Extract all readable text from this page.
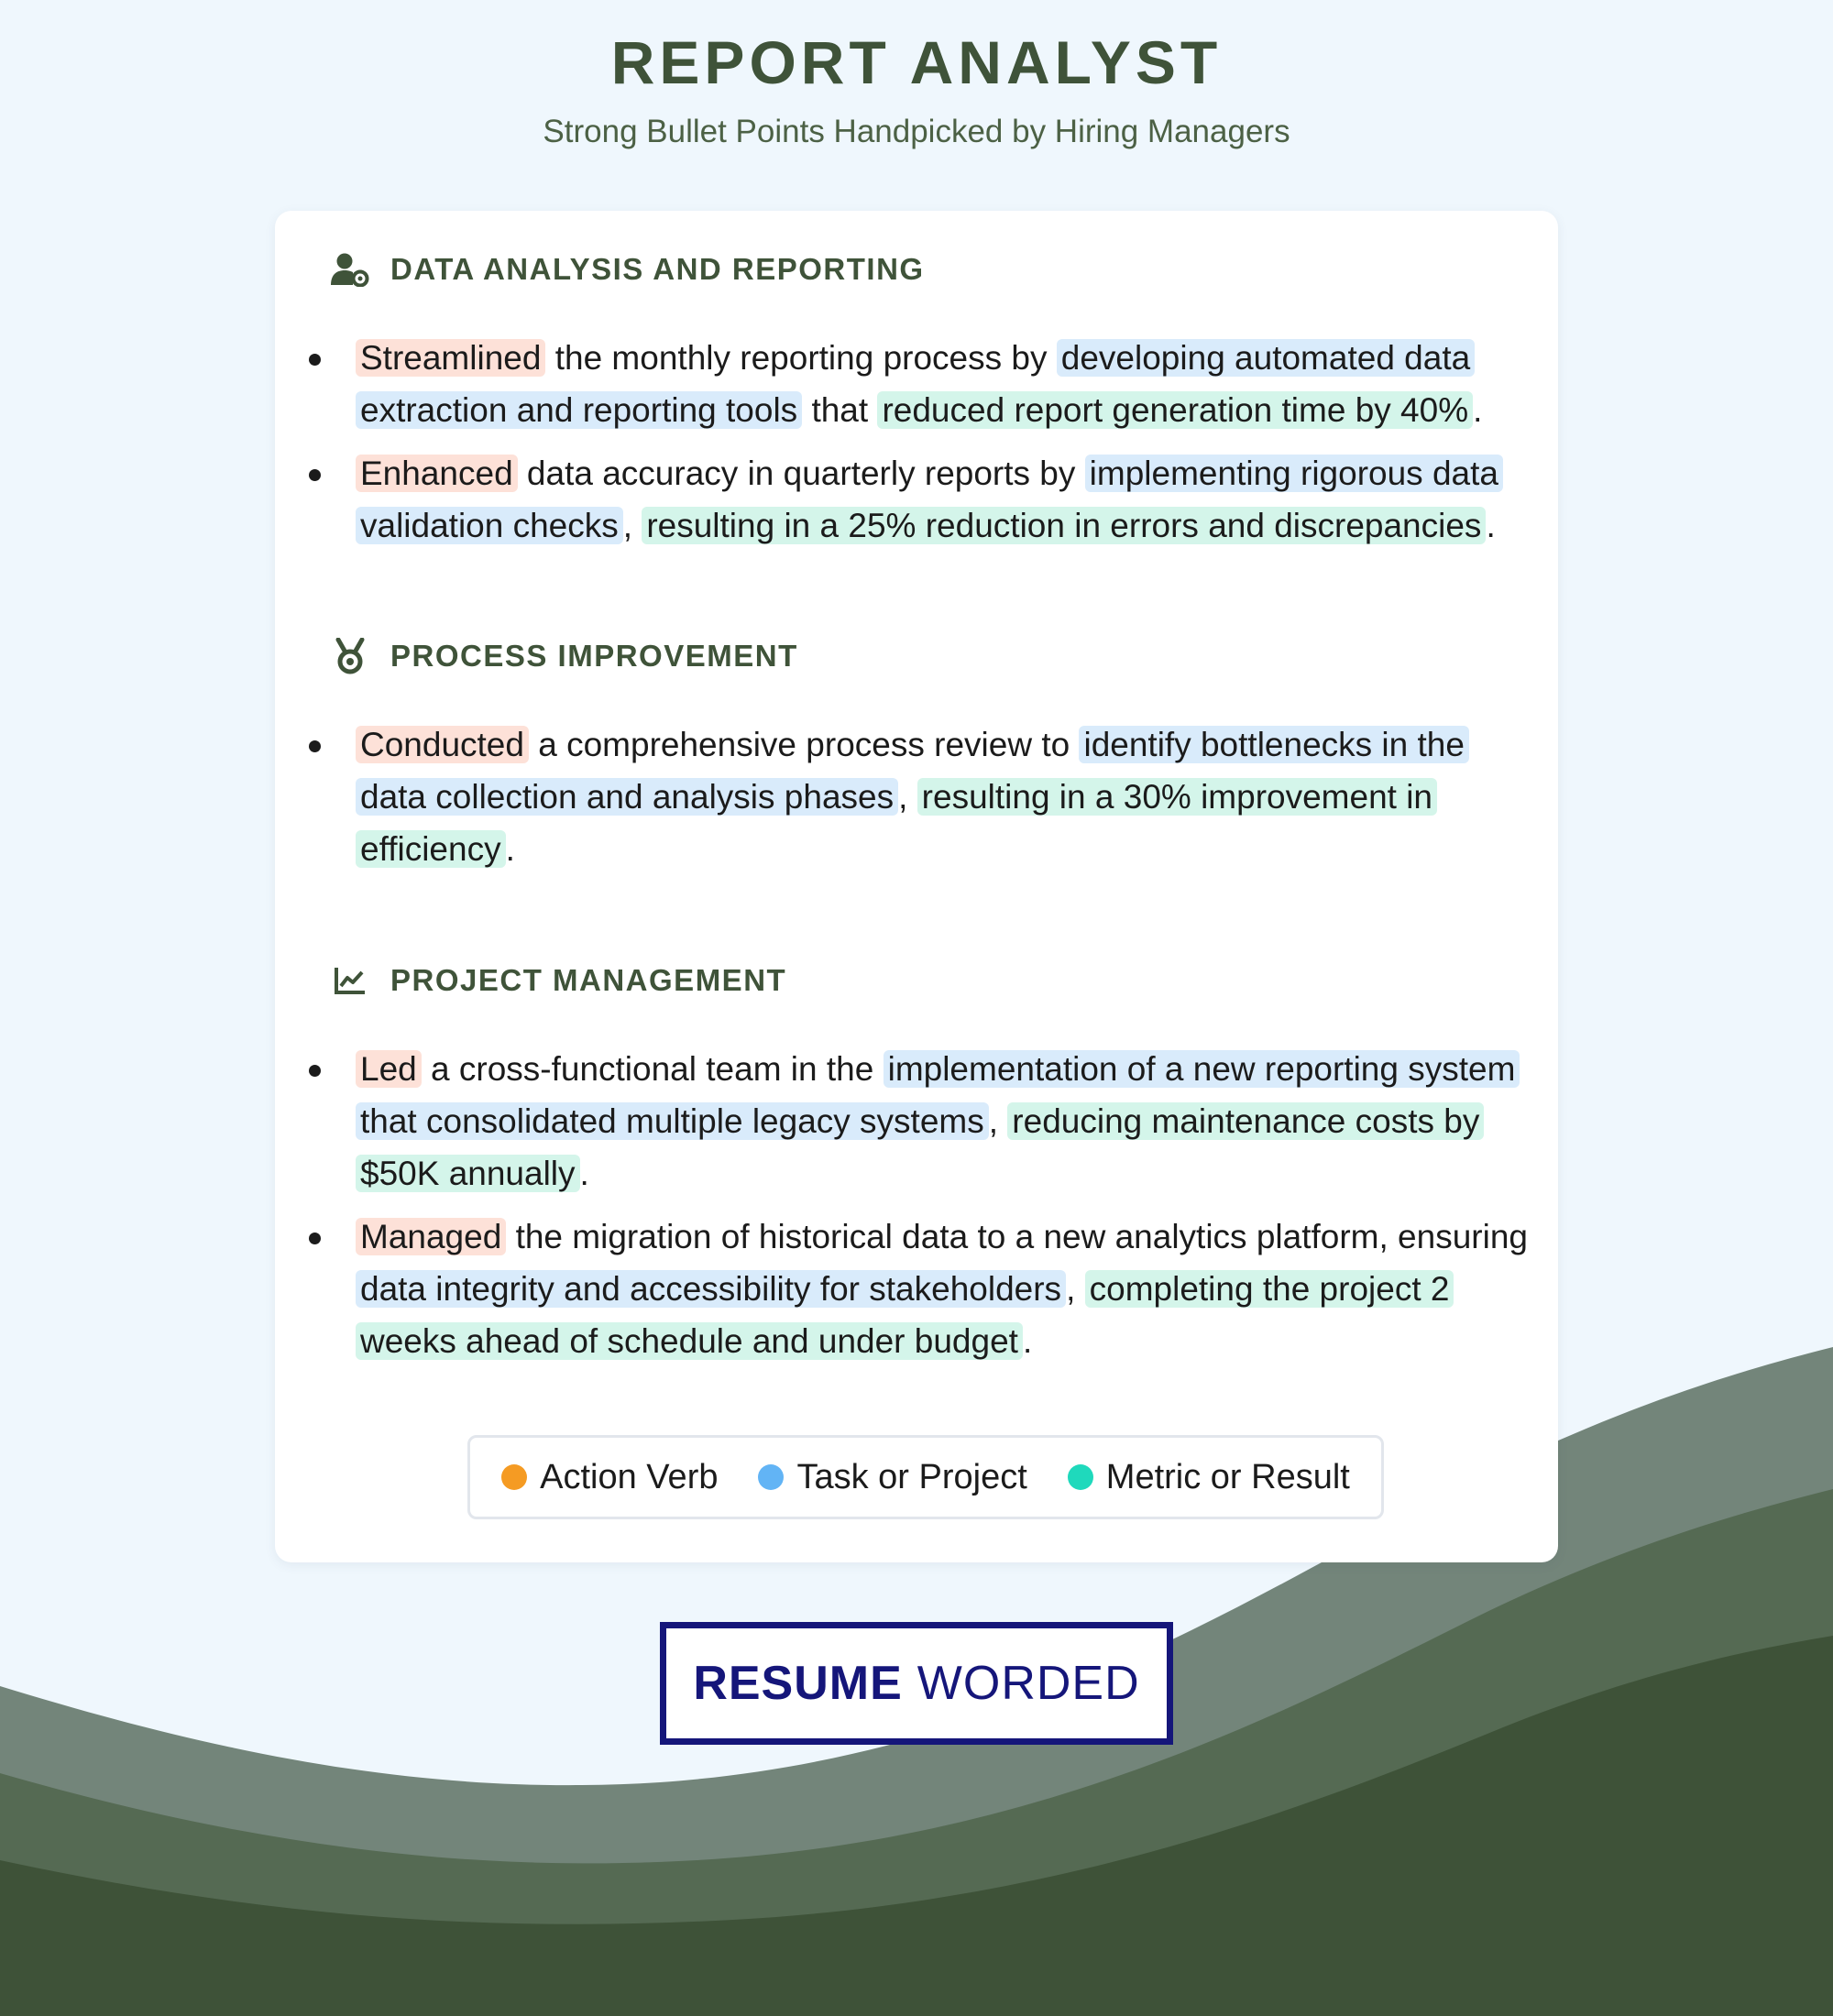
REPORT ANALYST
Strong Bullet Points Handpicked by Hiring Managers
DATA ANALYSIS AND REPORTING
Streamlined the monthly reporting process by developing automated data extraction and reporting tools that reduced report generation time by 40% .
Enhanced data accuracy in quarterly reports by implementing rigorous data validation checks , resulting in a 25% reduction in errors and discrepancies .
PROCESS IMPROVEMENT
Conducted a comprehensive process review to identify bottlenecks in the data collection and analysis phases , resulting in a 30% improvement in efficiency .
PROJECT MANAGEMENT
Led a cross-functional team in the implementation of a new reporting system that consolidated multiple legacy systems , reducing maintenance costs by $50K annually .
Managed the migration of historical data to a new analytics platform, ensuring data integrity and accessibility for stakeholders , completing the project 2 weeks ahead of schedule and under budget .
Action Verb Task or Project Metric or Result
RESUME WORDED
